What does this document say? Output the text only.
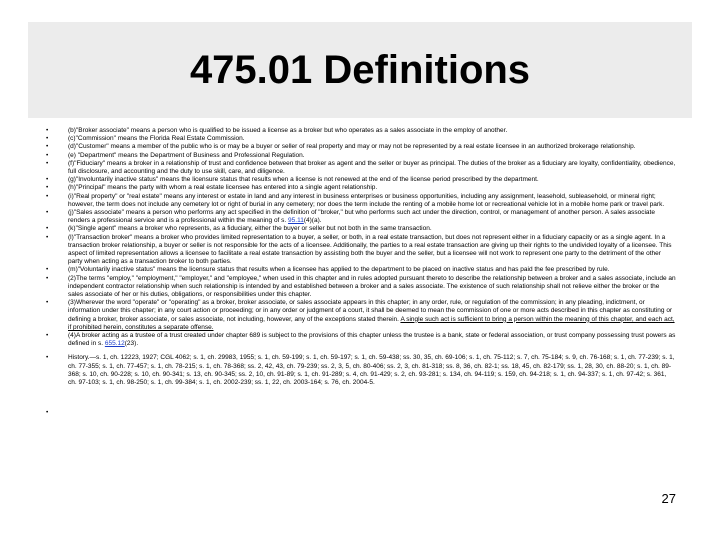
475.01 Definitions
•	(b)"Broker associate" means a person who is qualified to be issued a license as a broker but who operates as a sales associate in the employ of another.
•	(c)"Commission" means the Florida Real Estate Commission.
•	(d)"Customer" means a member of the public who is or may be a buyer or seller of real property and may or may not be represented by a real estate licensee in an authorized brokerage relationship.
•	(e) "Department" means the Department of Business and Professional Regulation.
•	(f)"Fiduciary" means a broker in a relationship of trust and confidence between that broker as agent and the seller or buyer as principal. The duties of the broker as a fiduciary are loyalty, confidentiality, obedience, full disclosure, and accounting and the duty to use skill, care, and diligence.
•	(g)"Involuntarily inactive status" means the licensure status that results when a license is not renewed at the end of the license period prescribed by the department.
•	(h)"Principal" means the party with whom a real estate licensee has entered into a single agent relationship.
•	(i)"Real property" or "real estate" means any interest or estate in land and any interest in business enterprises or business opportunities, including any assignment, leasehold, subleasehold, or mineral right; however, the term does not include any cemetery lot or right of burial in any cemetery; nor does the term include the renting of a mobile home lot or recreational vehicle lot in a mobile home park or travel park.
•	(j)"Sales associate" means a person who performs any act specified in the definition of "broker," but who performs such act under the direction, control, or management of another person. A sales associate renders a professional service and is a professional within the meaning of s. 95.11(4)(a).
•	(k)"Single agent" means a broker who represents, as a fiduciary, either the buyer or seller but not both in the same transaction.
•	(l)"Transaction broker" means a broker who provides limited representation to a buyer, a seller, or both, in a real estate transaction, but does not represent either in a fiduciary capacity or as a single agent. In a transaction broker relationship, a buyer or seller is not responsible for the acts of a licensee. Additionally, the parties to a real estate transaction are giving up their rights to the undivided loyalty of a licensee. This aspect of limited representation allows a licensee to facilitate a real estate transaction by assisting both the buyer and the seller, but a licensee will not work to represent one party to the detriment of the other party when acting as a transaction broker to both parties.
•	(m)"Voluntarily inactive status" means the licensure status that results when a licensee has applied to the department to be placed on inactive status and has paid the fee prescribed by rule.
•	(2)The terms "employ," "employment," "employer," and "employee," when used in this chapter and in rules adopted pursuant thereto to describe the relationship between a broker and a sales associate, include an independent contractor relationship when such relationship is intended by and established between a broker and a sales associate. The existence of such relationship shall not relieve either the broker or the sales associate of her or his duties, obligations, or responsibilities under this chapter.
•	(3)Wherever the word "operate" or "operating" as a broker, broker associate, or sales associate appears in this chapter; in any order, rule, or regulation of the commission; in any pleading, indictment, or information under this chapter; in any court action or proceeding; or in any order or judgment of a court, it shall be deemed to mean the commission of one or more acts described in this chapter as constituting or defining a broker, broker associate, or sales associate, not including, however, any of the exceptions stated therein. A single such act is sufficient to bring a person within the meaning of this chapter, and each act, if prohibited herein, constitutes a separate offense.
•	(4)A broker acting as a trustee of a trust created under chapter 689 is subject to the provisions of this chapter unless the trustee is a bank, state or federal association, or trust company possessing trust powers as defined in s. 655.12(23).
•	History.—s. 1, ch. 12223, 1927; CGL 4062; s. 1, ch. 29983, 1955; s. 1, ch. 59-199; s. 1, ch. 59-197; s. 1, ch. 59-438; ss. 30, 35, ch. 69-106; s. 1, ch. 75-112; s. 7, ch. 75-184; s. 9, ch. 76-168; s. 1, ch. 77-239; s. 1, ch. 77-355; s. 1, ch. 77-457; s. 1, ch. 78-215; s. 1, ch. 78-368; ss. 2, 42, 43, ch. 79-239; ss. 2, 3, 5, ch. 80-406; ss. 2, 3, ch. 81-318; ss. 8, 36, ch. 82-1; ss. 18, 45, ch. 82-179; ss. 1, 28, 30, ch. 88-20; s. 1, ch. 89-368; s. 10, ch. 90-228; s. 10, ch. 90-341; s. 13, ch. 90-345; ss. 2, 10, ch. 91-89; s. 1, ch. 91-289; s. 4, ch. 91-429; s. 2, ch. 93-281; s. 134, ch. 94-119; s. 159, ch. 94-218; s. 1, ch. 94-337; s. 1, ch. 97-42; s. 361, ch. 97-103; s. 1, ch. 98-250; s. 1, ch. 99-384; s. 1, ch. 2002-239; ss. 1, 22, ch. 2003-164; s. 76, ch. 2004-5.
•
27
